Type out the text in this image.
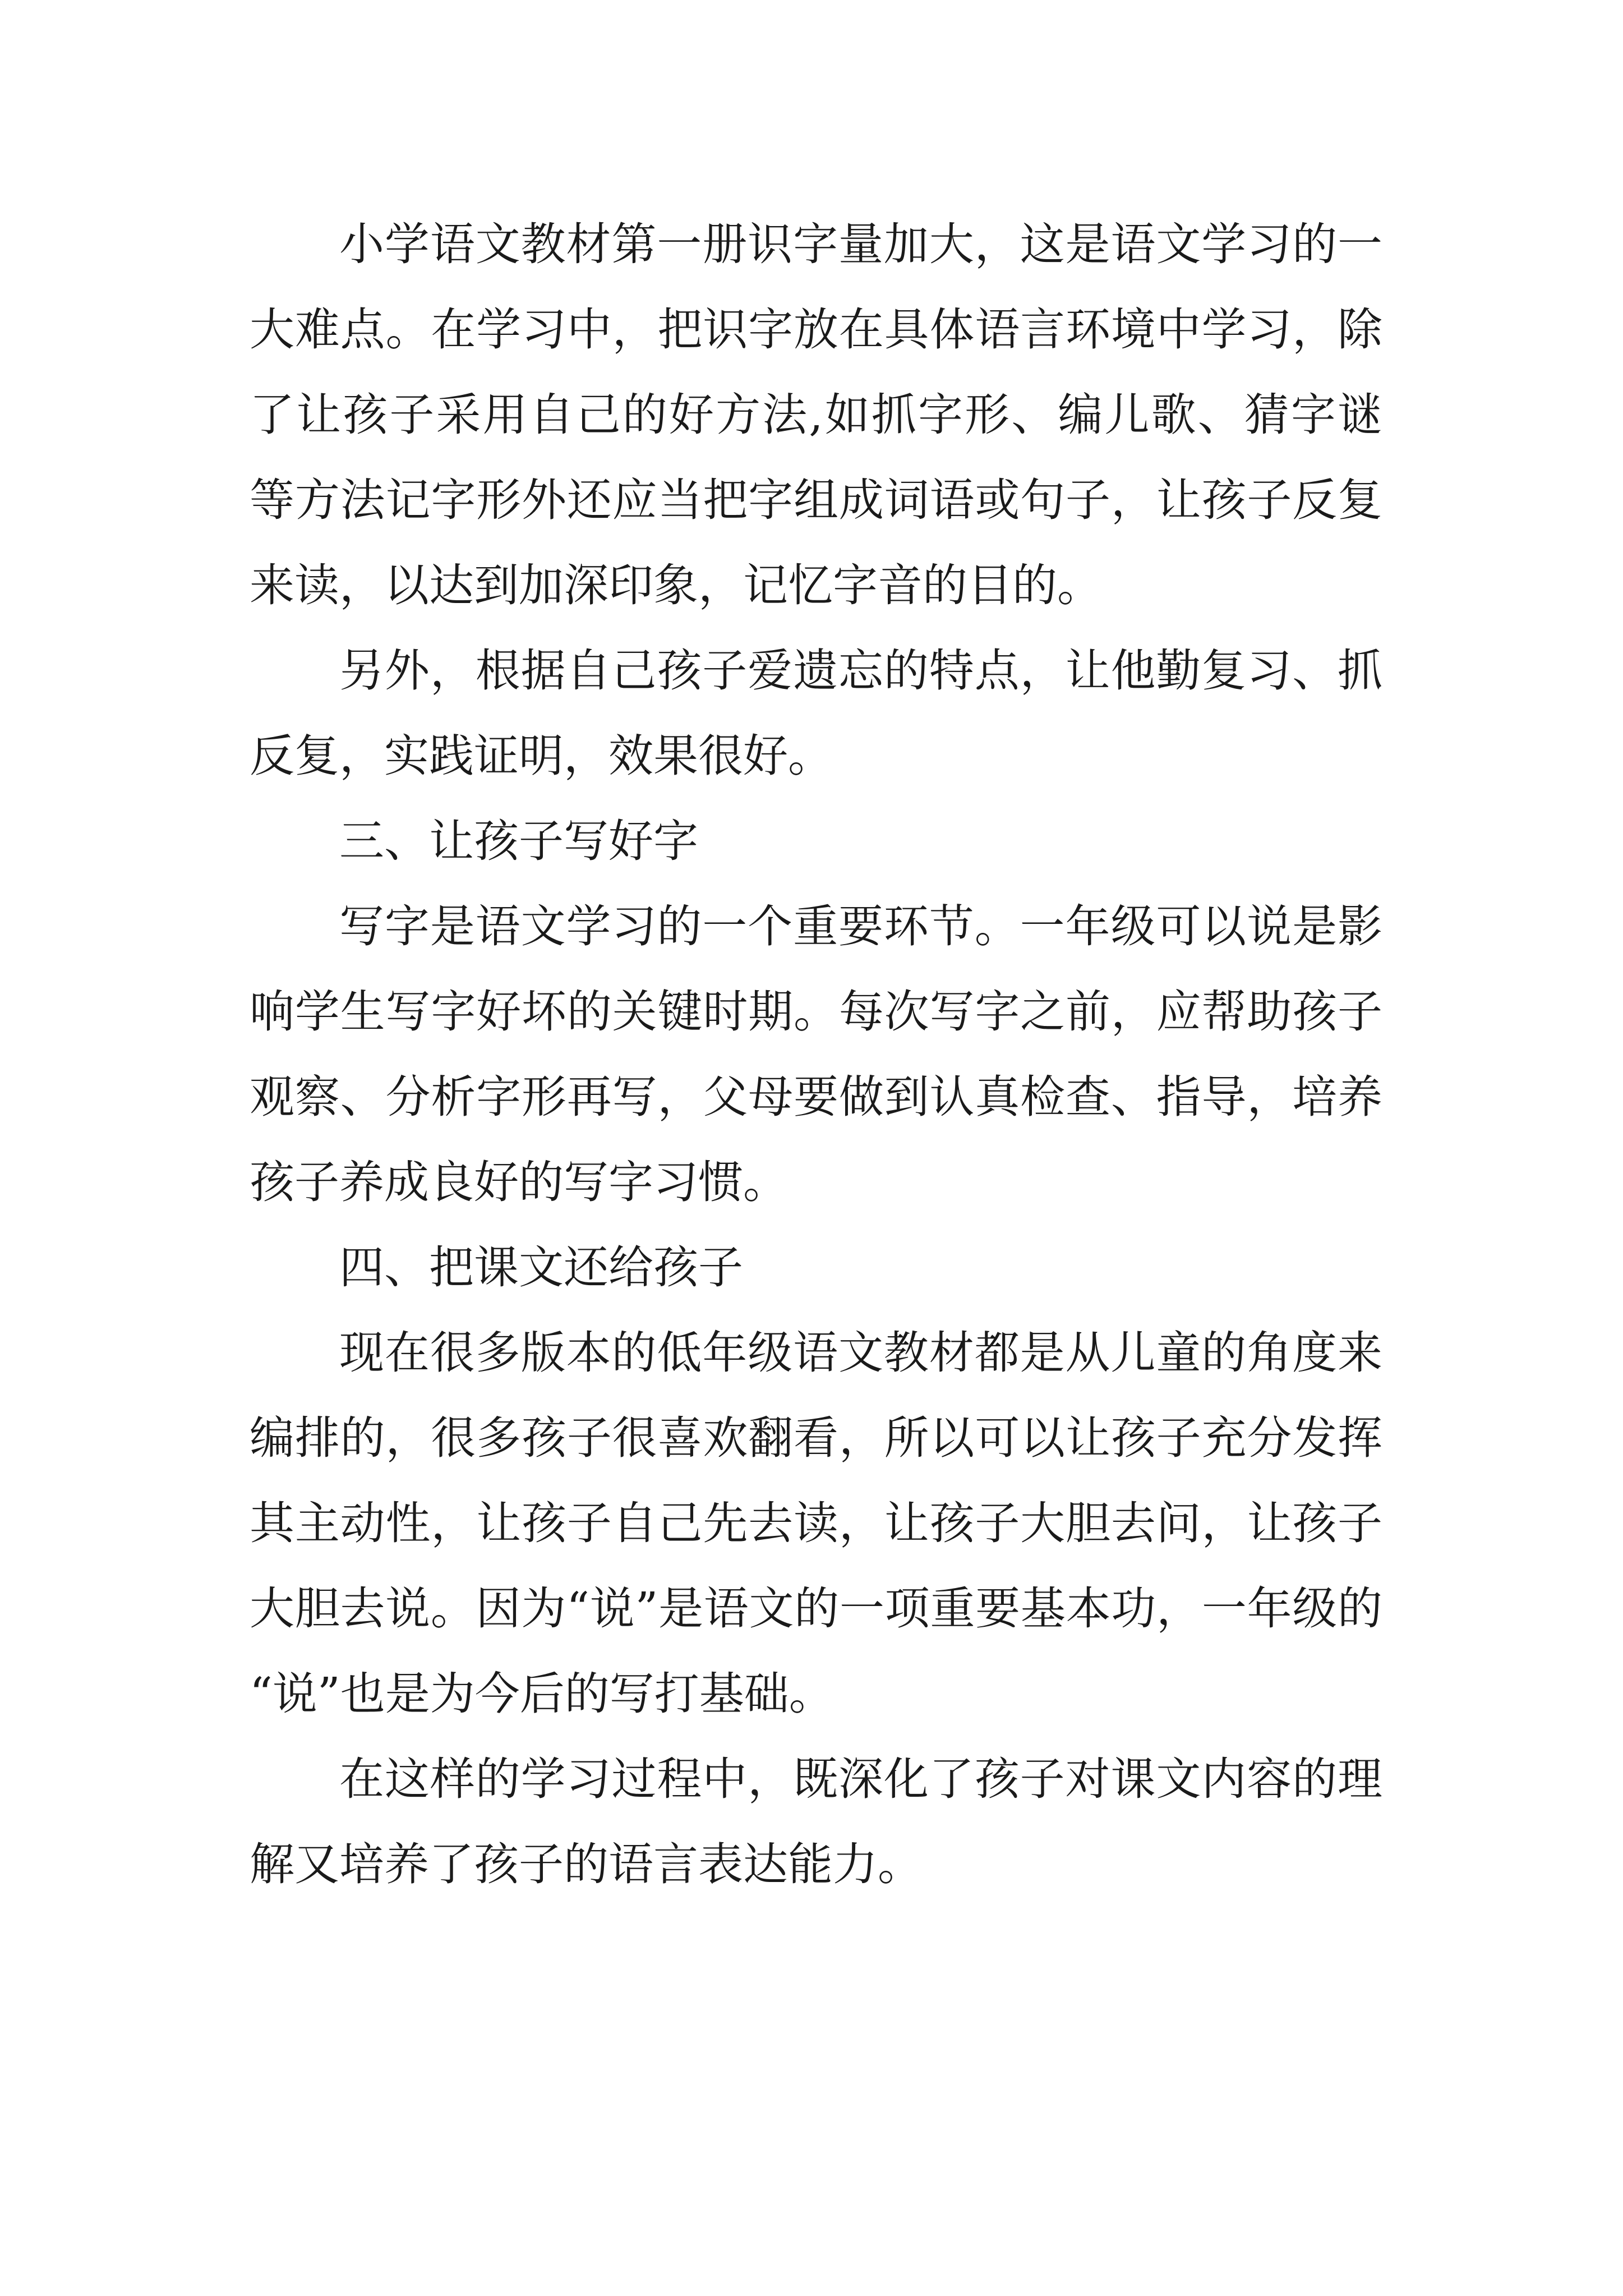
小学语文教材第一册识字量加大，这是语文学习的一大难点。在学习中，把识字放在具体语言环境中学习，除了让孩子采用自己的好方法,如抓字形、编儿歌、猜字谜等方法记字形外还应当把字组成词语或句子，让孩子反复来读，以达到加深印象，记忆字音的目的。

另外，根据自己孩子爱遗忘的特点，让他勤复习、抓反复，实践证明，效果很好。

三、让孩子写好字

写字是语文学习的一个重要环节。一年级可以说是影响学生写字好坏的关键时期。每次写字之前，应帮助孩子观察、分析字形再写，父母要做到认真检查、指导，培养孩子养成良好的写字习惯。

四、把课文还给孩子

现在很多版本的低年级语文教材都是从儿童的角度来编排的，很多孩子很喜欢翻看，所以可以让孩子充分发挥其主动性，让孩子自己先去读，让孩子大胆去问，让孩子大胆去说。因为“说”是语文的一项重要基本功，一年级的“说”也是为今后的写打基础。

在这样的学习过程中，既深化了孩子对课文内容的理解又培养了孩子的语言表达能力。
